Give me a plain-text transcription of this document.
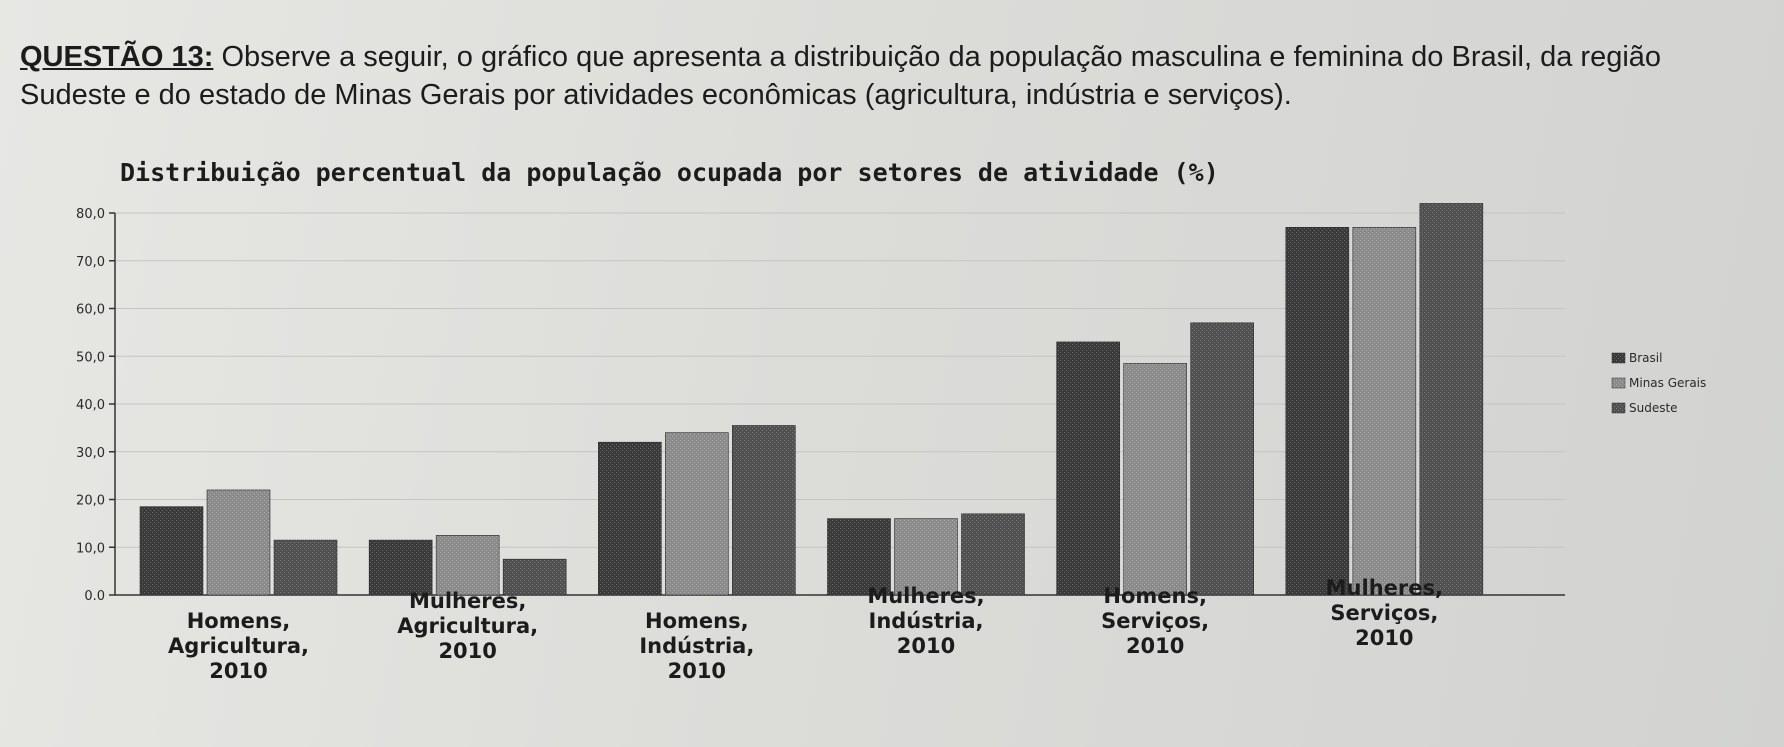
QUESTÃO 13: Observe a seguir, o gráfico que apresenta a distribuição da população masculina e feminina do Brasil, da região Sudeste e do estado de Minas Gerais por atividades econômicas (agricultura, indústria e serviços).
Distribuição percentual da população ocupada por setores de atividade (%)
0.0
10,0
20,0
30,0
40,0
50,0
60,0
70,0
80,0
Homens,
Agricultura,
2010
Mulheres,
Agricultura,
2010
Homens,
Indústria,
2010
Mulheres,
Indústria,
2010
Homens,
Serviços,
2010
Mulheres,
Serviços,
2010
Brasil
Minas Gerais
Sudeste
